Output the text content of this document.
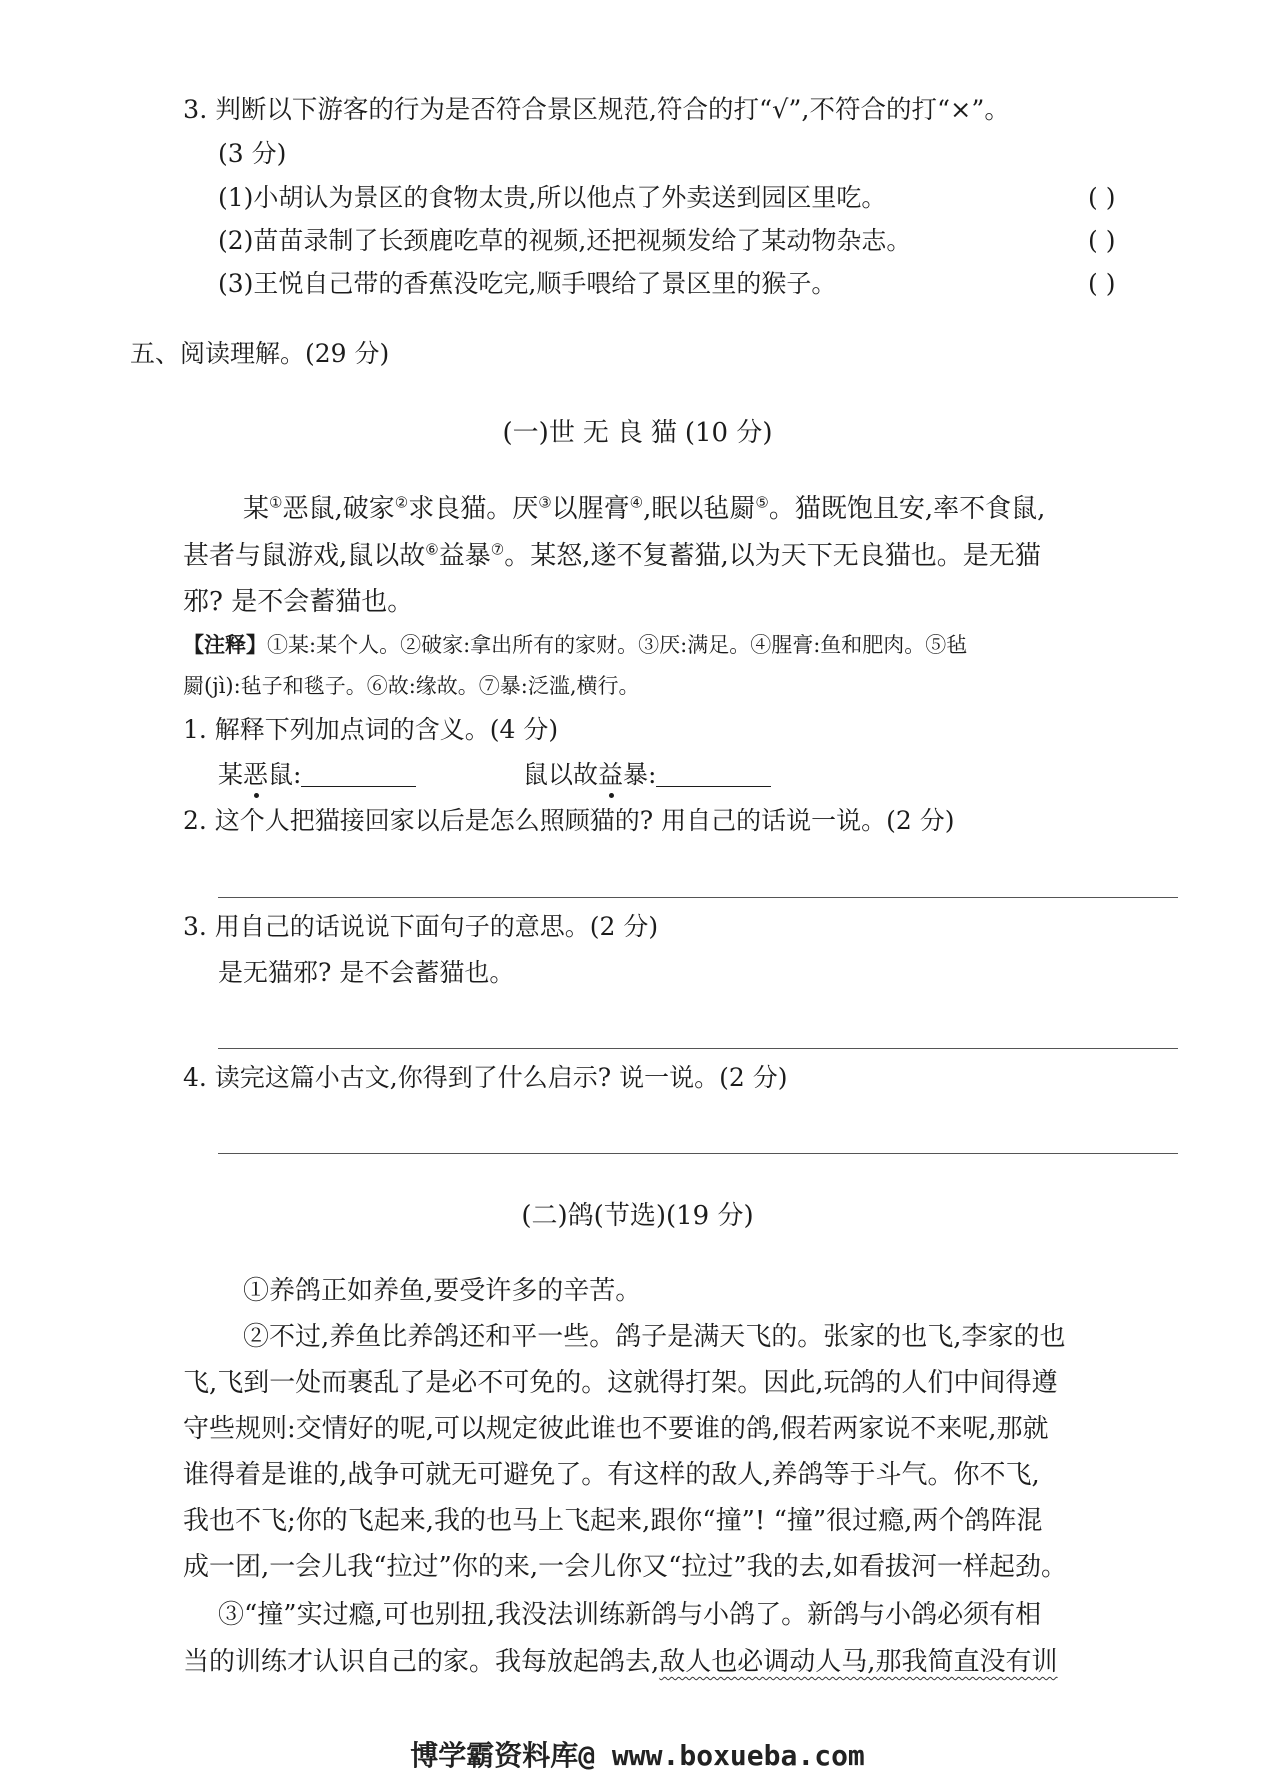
3. 判断以下游客的行为是否符合景区规范,符合的打“√”,不符合的打“×”。
(3 分)
(1)小胡认为景区的食物太贵,所以他点了外卖送到园区里吃。	( )
(2)苗苗录制了长颈鹿吃草的视频,还把视频发给了某动物杂志。	( )
(3)王悦自己带的香蕉没吃完,顺手喂给了景区里的猴子。	( )
五、阅读理解。(29 分)
(一)世无良猫(10 分)
某①恶鼠,破家②求良猫。厌③以腥膏④,眠以毡罽⑤。猫既饱且安,率不食鼠,
甚者与鼠游戏,鼠以故⑥益暴⑦。某怒,遂不复蓄猫,以为天下无良猫也。是无猫
邪? 是不会蓄猫也。
【注释】①某:某个人。②破家:拿出所有的家财。③厌:满足。④腥膏:鱼和肥肉。⑤毡
罽(jì):毡子和毯子。⑥故:缘故。⑦暴:泛滥,横行。
1. 解释下列加点词的含义。(4 分)
某恶鼠:	鼠以故益暴:
2. 这个人把猫接回家以后是怎么照顾猫的? 用自己的话说一说。(2 分)
3. 用自己的话说说下面句子的意思。(2 分)
是无猫邪? 是不会蓄猫也。
4. 读完这篇小古文,你得到了什么启示? 说一说。(2 分)
(二)鸽(节选)(19 分)
①养鸽正如养鱼,要受许多的辛苦。
②不过,养鱼比养鸽还和平一些。鸽子是满天飞的。张家的也飞,李家的也
飞,飞到一处而裹乱了是必不可免的。这就得打架。因此,玩鸽的人们中间得遵
守些规则:交情好的呢,可以规定彼此谁也不要谁的鸽,假若两家说不来呢,那就
谁得着是谁的,战争可就无可避免了。有这样的敌人,养鸽等于斗气。你不飞,
我也不飞;你的飞起来,我的也马上飞起来,跟你“撞”! “撞”很过瘾,两个鸽阵混
成一团,一会儿我“拉过”你的来,一会儿你又“拉过”我的去,如看拔河一样起劲。
③“撞”实过瘾,可也别扭,我没法训练新鸽与小鸽了。新鸽与小鸽必须有相
当的训练才认识自己的家。我每放起鸽去,敌人也必调动人马,那我简直没有训
博学霸资料库@ www.boxueba.com
